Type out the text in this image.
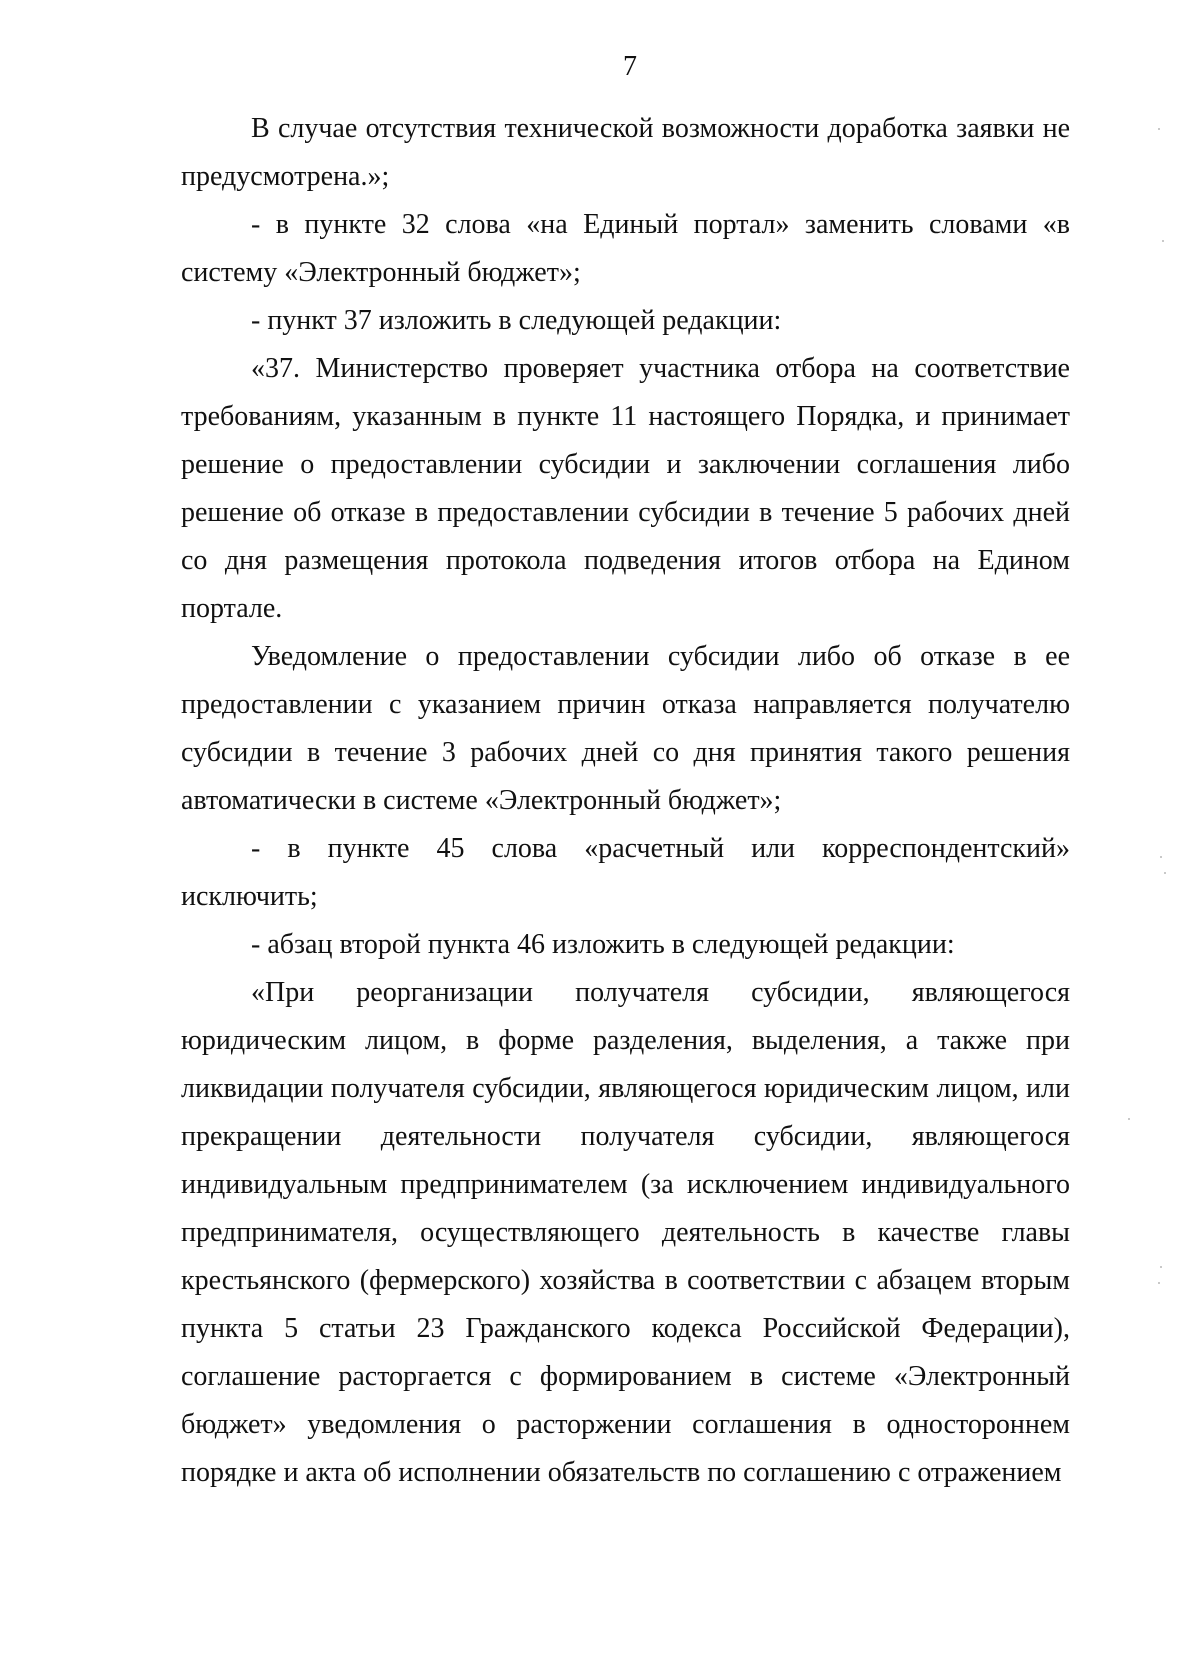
7

В случае отсутствия технической возможности доработка заявки не предусмотрена.»;

- в пункте 32 слова «на Единый портал» заменить словами «в систему «Электронный бюджет»;

- пункт 37 изложить в следующей редакции:

«37. Министерство проверяет участника отбора на соответствие требованиям, указанным в пункте 11 настоящего Порядка, и принимает решение о предоставлении субсидии и заключении соглашения либо решение об отказе в предоставлении субсидии в течение 5 рабочих дней со дня размещения протокола подведения итогов отбора на Едином портале.

Уведомление о предоставлении субсидии либо об отказе в ее предоставлении с указанием причин отказа направляется получателю субсидии в течение 3 рабочих дней со дня принятия такого решения автоматически в системе «Электронный бюджет»;

- в пункте 45 слова «расчетный или корреспондентский» исключить;

- абзац второй пункта 46 изложить в следующей редакции:

«При реорганизации получателя субсидии, являющегося юридическим лицом, в форме разделения, выделения, а также при ликвидации получателя субсидии, являющегося юридическим лицом, или прекращении деятельности получателя субсидии, являющегося индивидуальным предпринимателем (за исключением индивидуального предпринимателя, осуществляющего деятельность в качестве главы крестьянского (фермерского) хозяйства в соответствии с абзацем вторым пункта 5 статьи 23 Гражданского кодекса Российской Федерации), соглашение расторгается с формированием в системе «Электронный бюджет» уведомления о расторжении соглашения в одностороннем порядке и акта об исполнении обязательств по соглашению с отражением
